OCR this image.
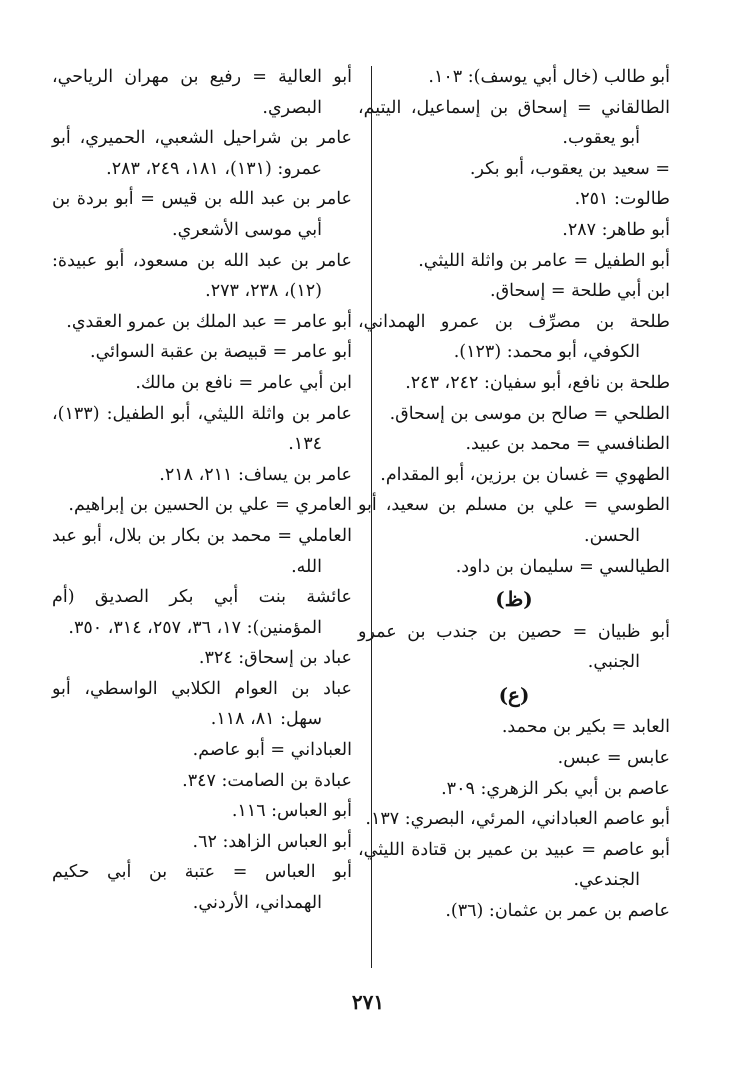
أبو طالب (خال أبي يوسف): ١٠٣.
الطالقاني = إسحاق بن إسماعيل، اليتيم، أبو يعقوب.
= سعيد بن يعقوب، أبو بكر.
طالوت: ٢٥١.
أبو طاهر: ٢٨٧.
أبو الطفيل = عامر بن واثلة الليثي.
ابن أبي طلحة = إسحاق.
طلحة بن مصرِّف بن عمرو الهمداني، الكوفي، أبو محمد: (١٢٣).
طلحة بن نافع، أبو سفيان: ٢٤٢، ٢٤٣.
الطلحي = صالح بن موسى بن إسحاق.
الطنافسي = محمد بن عبيد.
الطهوي = غسان بن برزين، أبو المقدام.
الطوسي = علي بن مسلم بن سعيد، أبو الحسن.
الطيالسي = سليمان بن داود.
(ظ)
أبو ظبيان = حصين بن جندب بن عمرو الجنبي.
(ع)
العابد = بكير بن محمد.
عابس = عبس.
عاصم بن أبي بكر الزهري: ٣٠٩.
أبو عاصم العباداني، المرئي، البصري: ١٣٧.
أبو عاصم = عبيد بن عمير بن قتادة الليثي، الجندعي.
عاصم بن عمر بن عثمان: (٣٦).
أبو العالية = رفيع بن مهران الرياحي، البصري.
عامر بن شراحيل الشعبي، الحميري، أبو عمرو: (١٣١)، ١٨١، ٢٤٩، ٢٨٣.
عامر بن عبد الله بن قيس = أبو بردة بن أبي موسى الأشعري.
عامر بن عبد الله بن مسعود، أبو عبيدة: (١٢)، ٢٣٨، ٢٧٣.
أبو عامر = عبد الملك بن عمرو العقدي.
أبو عامر = قبيصة بن عقبة السوائي.
ابن أبي عامر = نافع بن مالك.
عامر بن واثلة الليثي، أبو الطفيل: (١٣٣)، ١٣٤.
عامر بن يساف: ٢١١، ٢١٨.
العامري = علي بن الحسين بن إبراهيم.
العاملي = محمد بن بكار بن بلال، أبو عبد الله.
عائشة بنت أبي بكر الصديق (أم المؤمنين): ١٧، ٣٦، ٢٥٧، ٣١٤، ٣٥٠.
عباد بن إسحاق: ٣٢٤.
عباد بن العوام الكلابي الواسطي، أبو سهل: ٨١، ١١٨.
العباداني = أبو عاصم.
عبادة بن الصامت: ٣٤٧.
أبو العباس: ١١٦.
أبو العباس الزاهد: ٦٢.
أبو العباس = عتبة بن أبي حكيم الهمداني، الأردني.
٢٧١
